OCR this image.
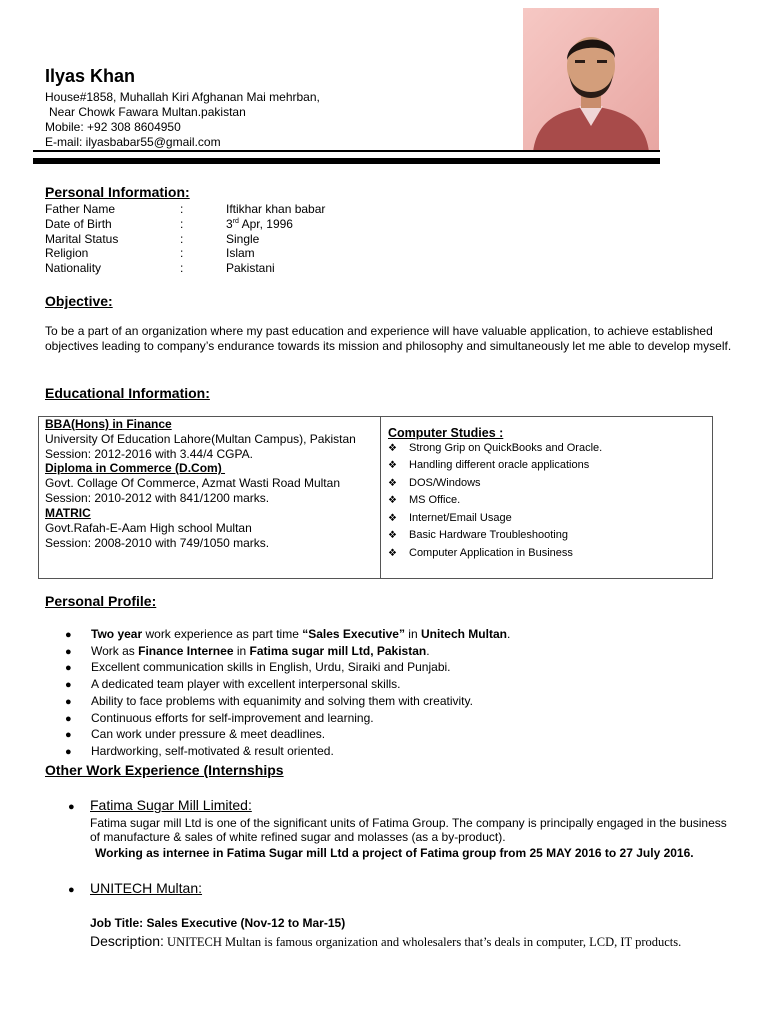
Ilyas Khan
House#1858, Muhallah Kiri Afghanan Mai mehrban,
Near Chowk Fawara Multan.pakistan
Mobile: +92 308 8604950
E-mail: ilyasbabar55@gmail.com
Personal Information:
Father Name	:	Iftikhar khan babar
Date of Birth	:	3rd Apr, 1996
Marital Status	:	Single
Religion	:	Islam
Nationality	:	Pakistani
Objective:
To be a part of an organization where my past education and experience will have valuable application, to achieve established objectives leading to company’s endurance towards its mission and philosophy and simultaneously let me able to develop myself.
Educational Information:
BBA(Hons) in Finance
University Of Education Lahore(Multan Campus), Pakistan
Session: 2012-2016 with 3.44/4 CGPA.
Diploma in Commerce (D.Com)
Govt. Collage Of Commerce, Azmat Wasti Road Multan
Session: 2010-2012 with 841/1200 marks.
MATRIC
Govt.Rafah-E-Aam High school Multan
Session: 2008-2010 with 749/1050 marks.
Computer Studies :
❖ Strong Grip on QuickBooks and Oracle.
❖ Handling different oracle applications
❖ DOS/Windows
❖ MS Office.
❖ Internet/Email Usage
❖ Basic Hardware Troubleshooting
❖ Computer Application in Business
Personal Profile:
● Two year work experience as part time “Sales Executive” in Unitech Multan.
● Work as Finance Internee in Fatima sugar mill Ltd, Pakistan.
● Excellent communication skills in English, Urdu, Siraiki and Punjabi.
● A dedicated team player with excellent interpersonal skills.
● Ability to face problems with equanimity and solving them with creativity.
● Continuous efforts for self-improvement and learning.
● Can work under pressure & meet deadlines.
● Hardworking, self-motivated & result oriented.
Other Work Experience (Internships
● Fatima Sugar Mill Limited:
Fatima sugar mill Ltd is one of the significant units of Fatima Group. The company is principally engaged in the business of manufacture & sales of white refined sugar and molasses (as a by-product).
Working as internee in Fatima Sugar mill Ltd a project of Fatima group from 25 MAY 2016 to 27 July 2016.
● UNITECH Multan:
Job Title: Sales Executive (Nov-12 to Mar-15)
Description: UNITECH Multan is famous organization and wholesalers that’s deals in computer, LCD, IT products.
